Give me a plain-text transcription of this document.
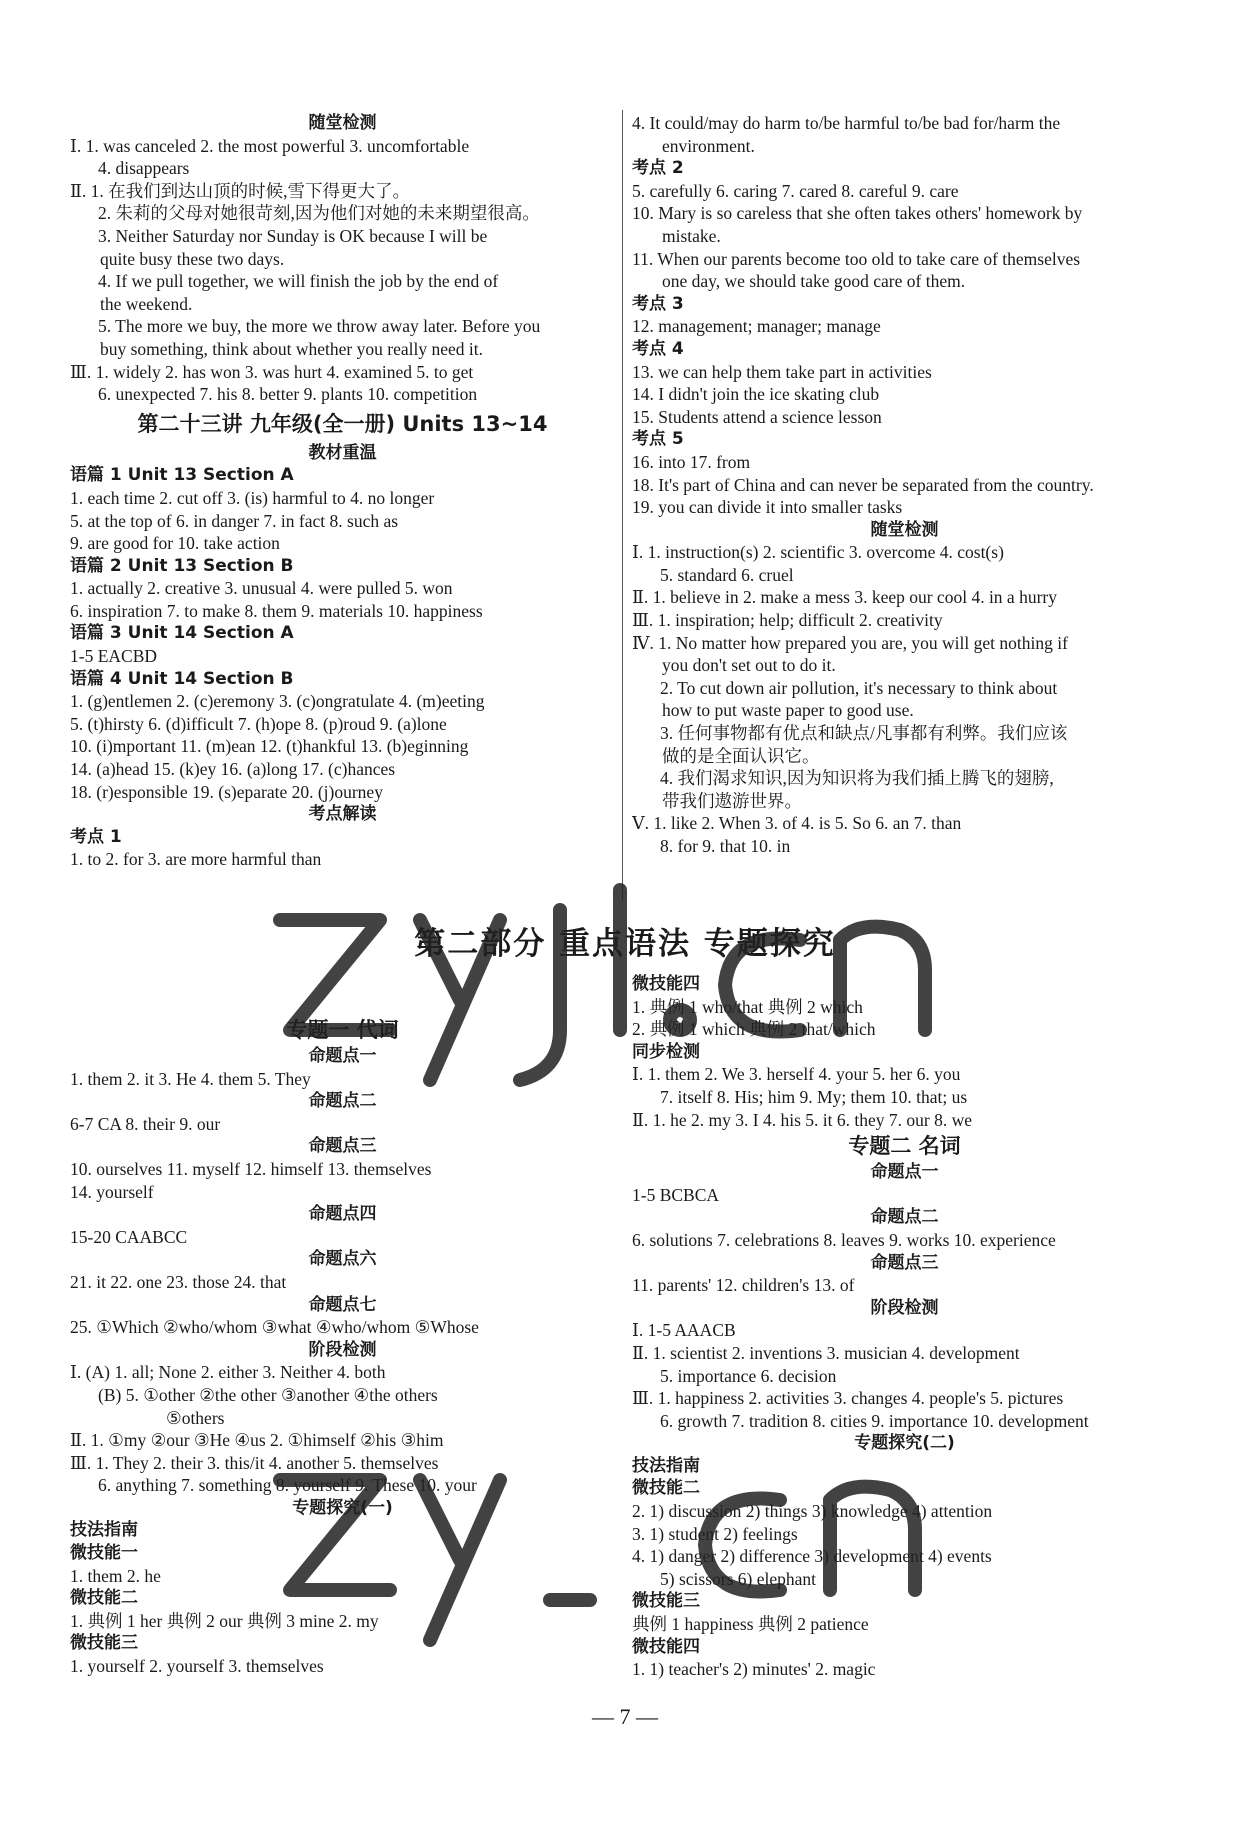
随堂检测
Ⅰ. 1. was canceled 2. the most powerful 3. uncomfortable
4. disappears
Ⅱ. 1. 在我们到达山顶的时候,雪下得更大了。
2. 朱莉的父母对她很苛刻,因为他们对她的未来期望很高。
3. Neither Saturday nor Sunday is OK because I will be
quite busy these two days.
4. If we pull together, we will finish the job by the end of
the weekend.
5. The more we buy, the more we throw away later. Before you
buy something, think about whether you really need it.
Ⅲ. 1. widely 2. has won 3. was hurt 4. examined 5. to get
6. unexpected 7. his 8. better 9. plants 10. competition
第二十三讲 九年级(全一册) Units 13~14
教材重温
语篇 1 Unit 13 Section A
1. each time 2. cut off 3. (is) harmful to 4. no longer
5. at the top of 6. in danger 7. in fact 8. such as
9. are good for 10. take action
语篇 2 Unit 13 Section B
1. actually 2. creative 3. unusual 4. were pulled 5. won
6. inspiration 7. to make 8. them 9. materials 10. happiness
语篇 3 Unit 14 Section A
1-5 EACBD
语篇 4 Unit 14 Section B
1. (g)entlemen 2. (c)eremony 3. (c)ongratulate 4. (m)eeting
5. (t)hirsty 6. (d)ifficult 7. (h)ope 8. (p)roud 9. (a)lone
10. (i)mportant 11. (m)ean 12. (t)hankful 13. (b)eginning
14. (a)head 15. (k)ey 16. (a)long 17. (c)hances
18. (r)esponsible 19. (s)eparate 20. (j)ourney
考点解读
考点 1
1. to 2. for 3. are more harmful than
4. It could/may do harm to/be harmful to/be bad for/harm the
environment.
考点 2
5. carefully 6. caring 7. cared 8. careful 9. care
10. Mary is so careless that she often takes others' homework by
mistake.
11. When our parents become too old to take care of themselves
one day, we should take good care of them.
考点 3
12. management; manager; manage
考点 4
13. we can help them take part in activities
14. I didn't join the ice skating club
15. Students attend a science lesson
考点 5
16. into 17. from
18. It's part of China and can never be separated from the country.
19. you can divide it into smaller tasks
随堂检测
Ⅰ. 1. instruction(s) 2. scientific 3. overcome 4. cost(s)
5. standard 6. cruel
Ⅱ. 1. believe in 2. make a mess 3. keep our cool 4. in a hurry
Ⅲ. 1. inspiration; help; difficult 2. creativity
Ⅳ. 1. No matter how prepared you are, you will get nothing if
you don't set out to do it.
2. To cut down air pollution, it's necessary to think about
how to put waste paper to good use.
3. 任何事物都有优点和缺点/凡事都有利弊。我们应该
做的是全面认识它。
4. 我们渴求知识,因为知识将为我们插上腾飞的翅膀,
带我们遨游世界。
Ⅴ. 1. like 2. When 3. of 4. is 5. So 6. an 7. than
8. for 9. that 10. in
第二部分 重点语法 专题探究
专题一 代词
命题点一
1. them 2. it 3. He 4. them 5. They
命题点二
6-7 CA 8. their 9. our
命题点三
10. ourselves 11. myself 12. himself 13. themselves
14. yourself
命题点四
15-20 CAABCC
命题点六
21. it 22. one 23. those 24. that
命题点七
25. ①Which ②who/whom ③what ④who/whom ⑤Whose
阶段检测
Ⅰ. (A) 1. all; None 2. either 3. Neither 4. both
(B) 5. ①other ②the other ③another ④the others
⑤others
Ⅱ. 1. ①my ②our ③He ④us 2. ①himself ②his ③him
Ⅲ. 1. They 2. their 3. this/it 4. another 5. themselves
6. anything 7. something 8. yourself 9. These 10. your
专题探究(一)
技法指南
微技能一
1. them 2. he
微技能二
1. 典例 1 her 典例 2 our 典例 3 mine 2. my
微技能三
1. yourself 2. yourself 3. themselves
微技能四
1. 典例 1 who/that 典例 2 which
2. 典例 1 which 典例 2 that/which
同步检测
Ⅰ. 1. them 2. We 3. herself 4. your 5. her 6. you
7. itself 8. His; him 9. My; them 10. that; us
Ⅱ. 1. he 2. my 3. I 4. his 5. it 6. they 7. our 8. we
专题二 名词
命题点一
1-5 BCBCA
命题点二
6. solutions 7. celebrations 8. leaves 9. works 10. experience
命题点三
11. parents' 12. children's 13. of
阶段检测
Ⅰ. 1-5 AAACB
Ⅱ. 1. scientist 2. inventions 3. musician 4. development
5. importance 6. decision
Ⅲ. 1. happiness 2. activities 3. changes 4. people's 5. pictures
6. growth 7. tradition 8. cities 9. importance 10. development
专题探究(二)
技法指南
微技能二
2. 1) discussion 2) things 3) knowledge 4) attention
3. 1) student 2) feelings
4. 1) danger 2) difference 3) development 4) events
5) scissors 6) elephant
微技能三
典例 1 happiness 典例 2 patience
微技能四
1. 1) teacher's 2) minutes' 2. magic
— 7 —
